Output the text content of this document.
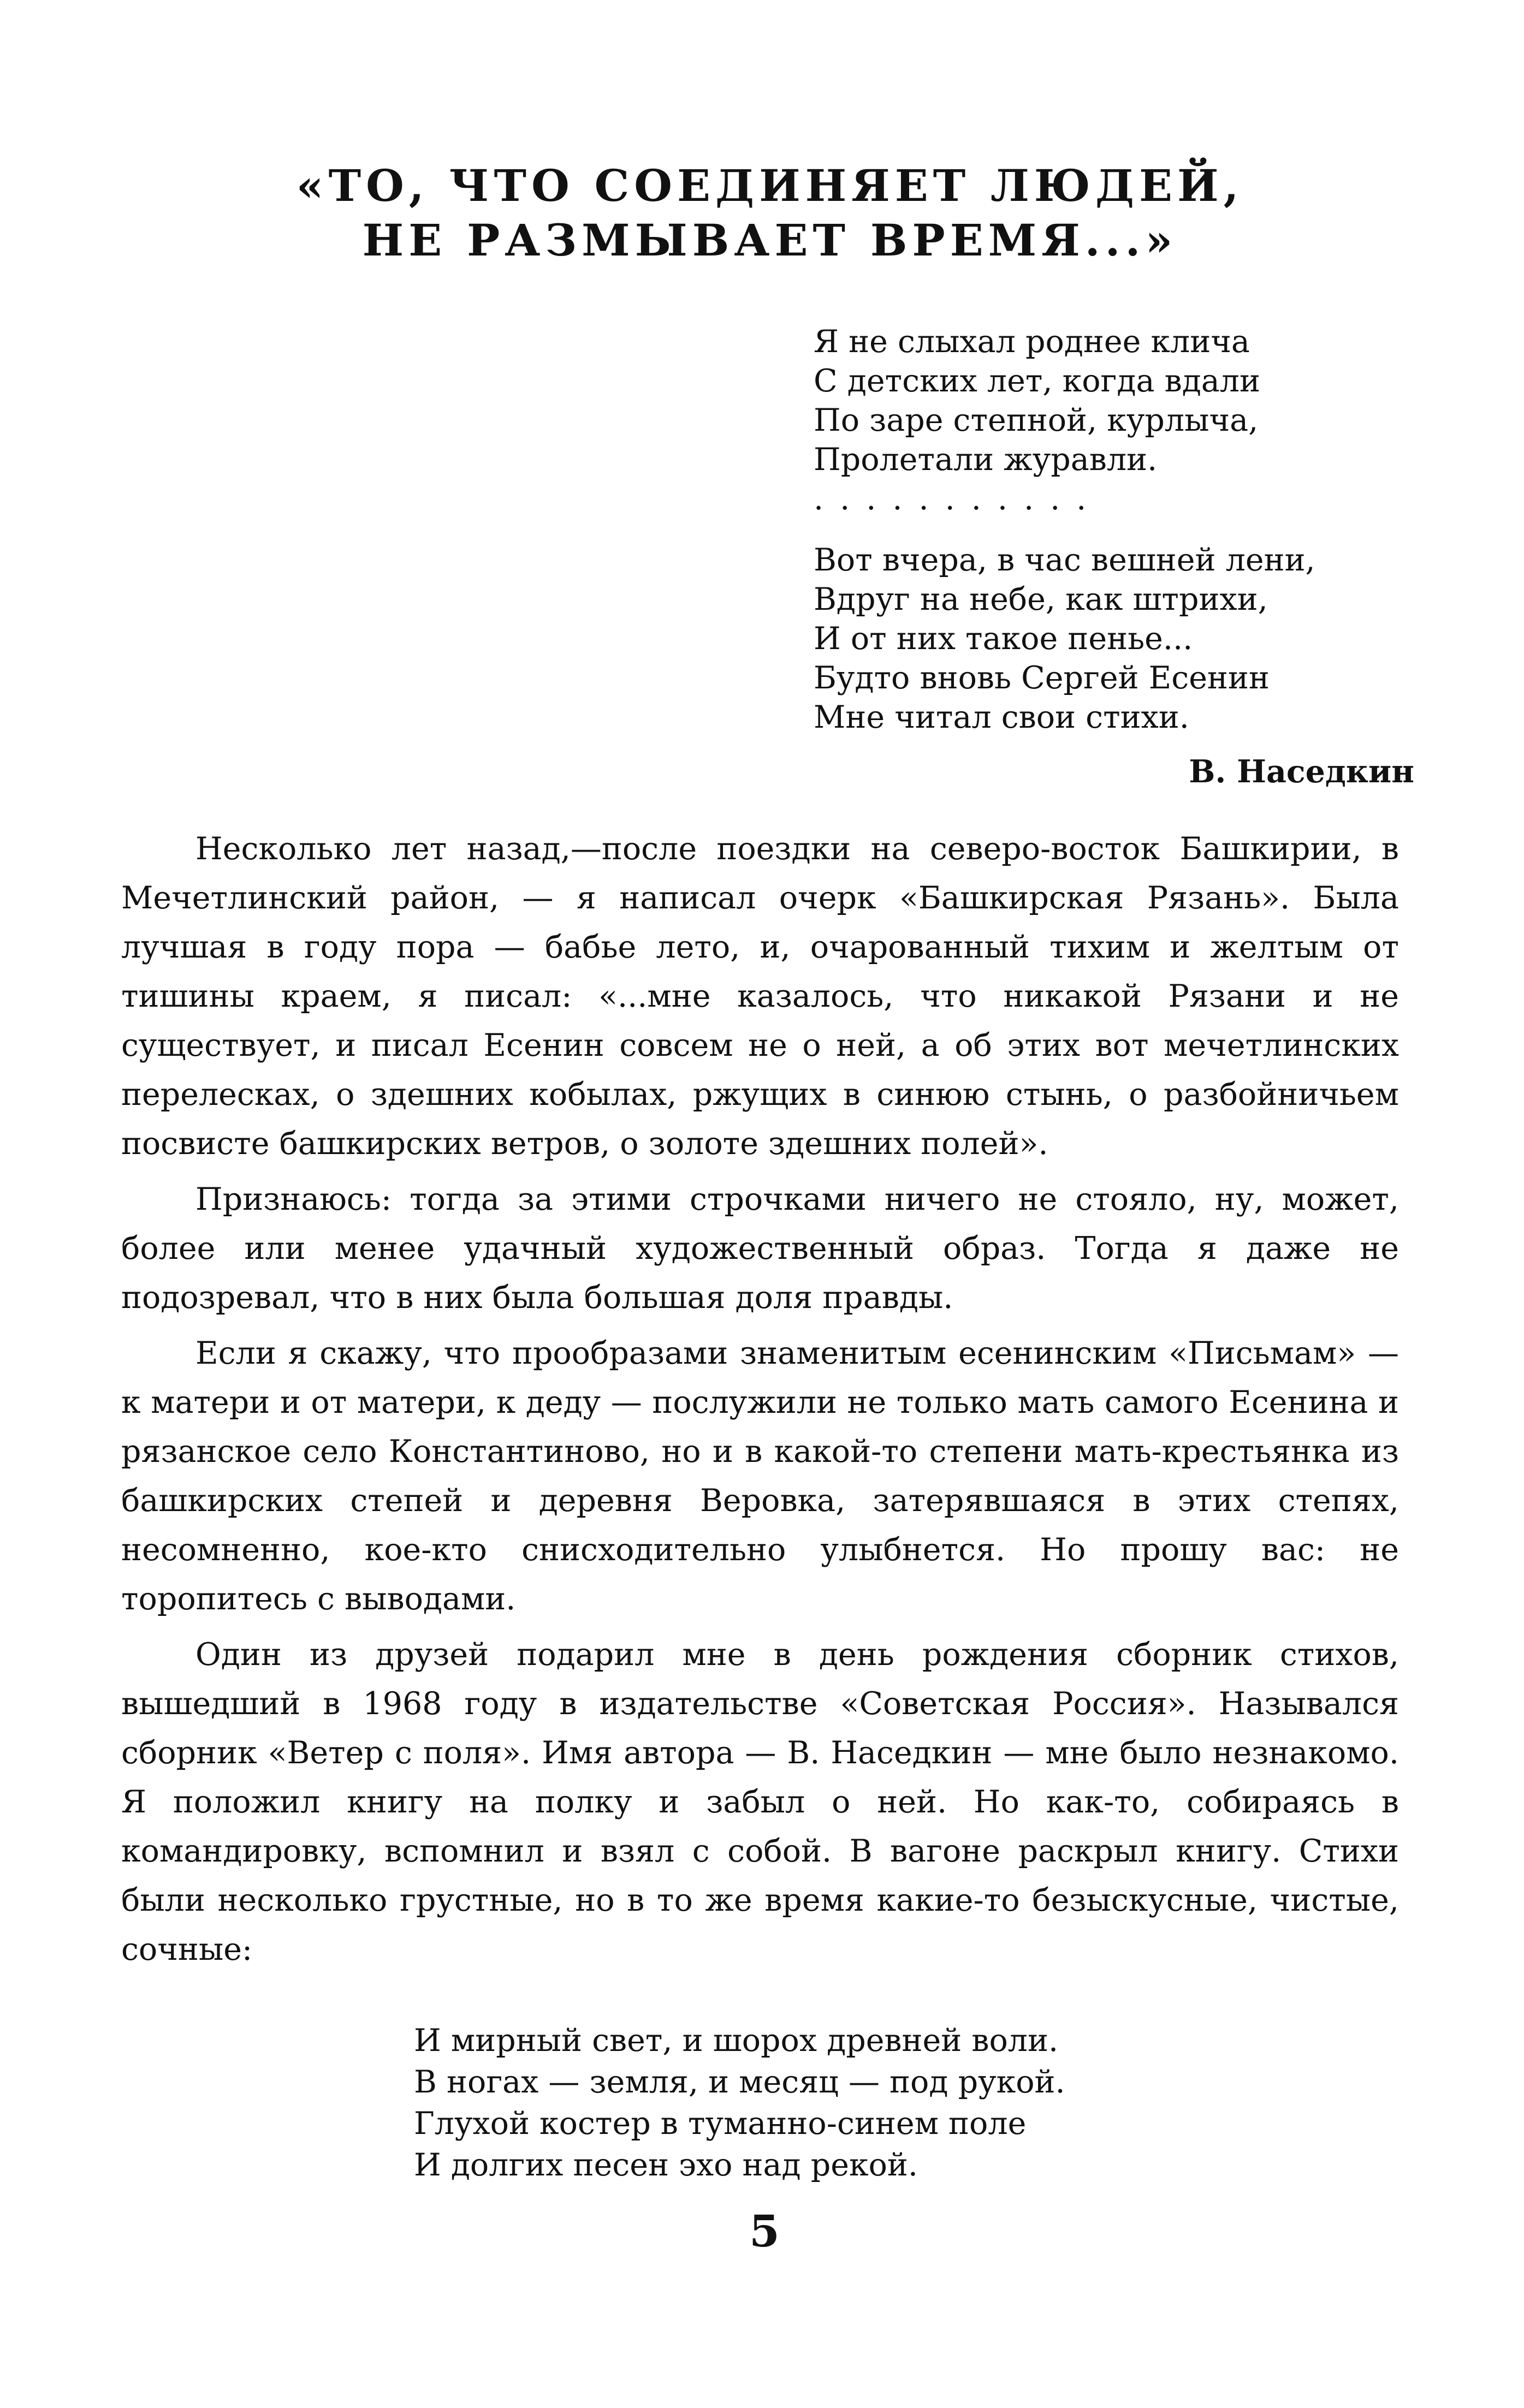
«ТО, ЧТО СОЕДИНЯЕТ ЛЮДЕЙ,
НЕ РАЗМЫВАЕТ ВРЕМЯ...»
Я не слыхал роднее клича
С детских лет, когда вдали
По заре степной, курлыча,
Пролетали журавли.
...........
Вот вчера, в час вешней лени,
Вдруг на небе, как штрихи,
И от них такое пенье...
Будто вновь Сергей Есенин
Мне читал свои стихи.
В. Наседкин

Несколько лет назад,—после поездки на северо-восток Башкирии, в Мечетлинский район, — я написал очерк «Башкирская Рязань». Была лучшая в году пора — бабье лето, и, очарованный тихим и желтым от тишины краем, я писал: «...мне казалось, что никакой Рязани и не существует, и писал Есенин совсем не о ней, а об этих вот мечетлинских перелесках, о здешних кобылах, ржущих в синюю стынь, о разбойничьем посвисте башкирских ветров, о золоте здешних полей».

Признаюсь: тогда за этими строчками ничего не стояло, ну, может, более или менее удачный художественный образ. Тогда я даже не подозревал, что в них была большая доля правды.

Если я скажу, что прообразами знаменитым есенинским «Письмам» — к матери и от матери, к деду — послужили не только мать самого Есенина и рязанское село Константиново, но и в какой-то степени мать-крестьянка из башкирских степей и деревня Веровка, затерявшаяся в этих степях, несомненно, кое-кто снисходительно улыбнется. Но прошу вас: не торопитесь с выводами.

Один из друзей подарил мне в день рождения сборник стихов, вышедший в 1968 году в издательстве «Советская Россия». Назывался сборник «Ветер с поля». Имя автора — В. Наседкин — мне было незнакомо. Я положил книгу на полку и забыл о ней. Но как-то, собираясь в командировку, вспомнил и взял с собой. В вагоне раскрыл книгу. Стихи были несколько грустные, но в то же время какие-то безыскусные, чистые, сочные:

И мирный свет, и шорох древней воли.
В ногах — земля, и месяц — под рукой.
Глухой костер в туманно-синем поле
И долгих песен эхо над рекой.
5
